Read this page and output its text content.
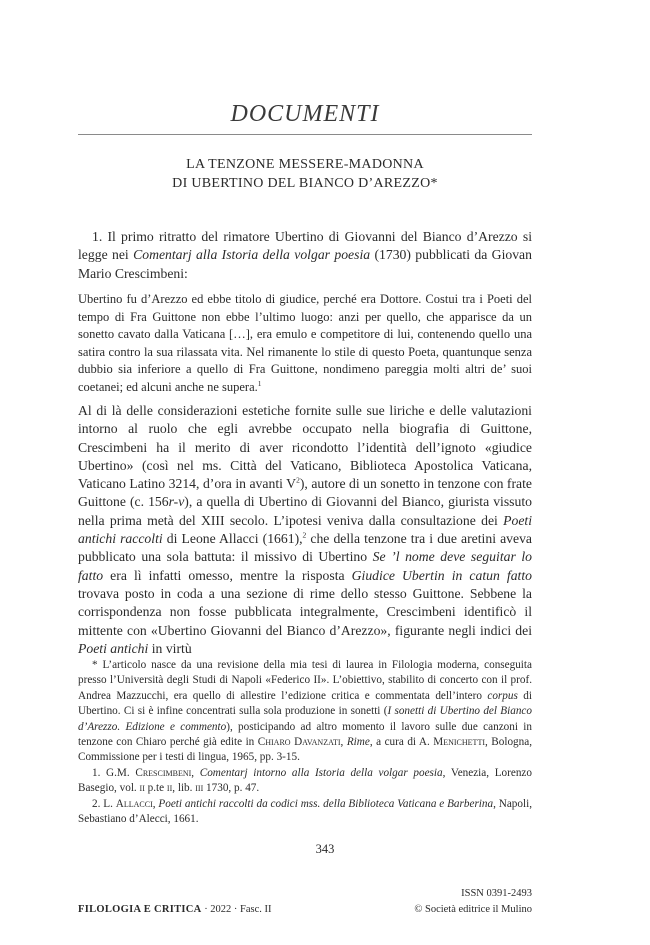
DOCUMENTI
LA TENZONE MESSERE-MADONNA
DI UBERTINO DEL BIANCO D’AREZZO*
1. Il primo ritratto del rimatore Ubertino di Giovanni del Bianco d’Arezzo si legge nei Comentarj alla Istoria della volgar poesia (1730) pubblicati da Giovan Mario Crescimbeni:
Ubertino fu d’Arezzo ed ebbe titolo di giudice, perché era Dottore. Costui tra i Poeti del tempo di Fra Guittone non ebbe l’ultimo luogo: anzi per quello, che apparisce da un sonetto cavato dalla Vaticana […], era emulo e competitore di lui, contenendo quello una satira contro la sua rilassata vita. Nel rimanente lo stile di questo Poeta, quantunque senza dubbio sia inferiore a quello di Fra Guittone, nondimeno pareggia molti altri de’ suoi coetanei; ed alcuni anche ne supera.$^1$
Al di là delle considerazioni estetiche fornite sulle sue liriche e delle valutazioni intorno al ruolo che egli avrebbe occupato nella biografia di Guittone, Crescimbeni ha il merito di aver ricondotto l’identità dell’ignoto «giudice Ubertino» (così nel ms. Città del Vaticano, Biblioteca Apostolica Vaticana, Vaticano Latino 3214, d’ora in avanti $V^2$), autore di un sonetto in tenzone con frate Guittone (c. 156r-v), a quella di Ubertino di Giovanni del Bianco, giurista vissuto nella prima metà del XIII secolo. L’ipotesi veniva dalla consultazione dei Poeti antichi raccolti di Leone Allacci (1661),$^2$ che della tenzone tra i due aretini aveva pubblicato una sola battuta: il missivo di Ubertino Se ’l nome deve seguitar lo fatto era lì infatti omesso, mentre la risposta Giudice Ubertin in catun fatto trovava posto in coda a una sezione di rime dello stesso Guittone. Sebbene la corrispondenza non fosse pubblicata integralmente, Crescimbeni identificò il mittente con «Ubertino Giovanni del Bianco d’Arezzo», figurante negli indici dei Poeti antichi in virtù
* L’articolo nasce da una revisione della mia tesi di laurea in Filologia moderna, conseguita presso l’Università degli Studi di Napoli «Federico II». L’obiettivo, stabilito di concerto con il prof. Andrea Mazzucchi, era quello di allestire l’edizione critica e commentata dell’intero corpus di Ubertino. Ci si è infine concentrati sulla sola produzione in sonetti (I sonetti di Ubertino del Bianco d’Arezzo. Edizione e commento), posticipando ad altro momento il lavoro sulle due canzoni in tenzone con Chiaro perché già edite in Chiaro Davanzati, Rime, a cura di A. Menichetti, Bologna, Commissione per i testi di lingua, 1965, pp. 3-15.
1. G.M. Crescimbeni, Comentarj intorno alla Istoria della volgar poesia, Venezia, Lorenzo Basegio, vol. ii p.te ii, lib. iii 1730, p. 47.
2. L. Allacci, Poeti antichi raccolti da codici mss. della Biblioteca Vaticana e Barberina, Napoli, Sebastiano d’Alecci, 1661.
343
ISSN 0391-2493
FILOLOGIA E CRITICA · 2022 · Fasc. II	© Società editrice il Mulino
